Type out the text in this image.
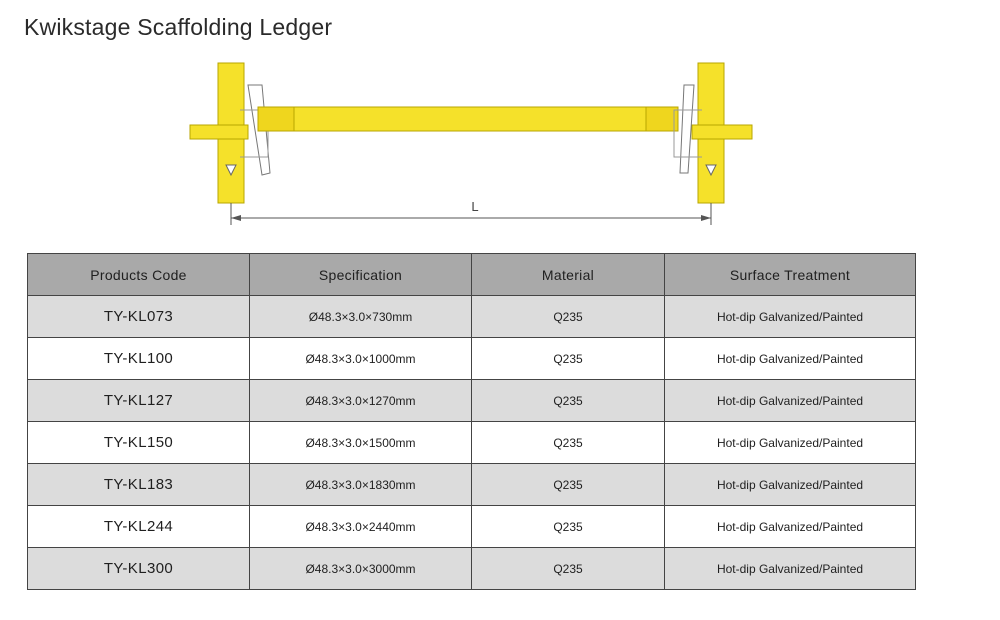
Kwikstage Scaffolding Ledger
L
Products Code	Specification	Material	Surface Treatment
TY-KL073	Ø48.3×3.0×730mm	Q235	Hot-dip Galvanized/Painted
TY-KL100	Ø48.3×3.0×1000mm	Q235	Hot-dip Galvanized/Painted
TY-KL127	Ø48.3×3.0×1270mm	Q235	Hot-dip Galvanized/Painted
TY-KL150	Ø48.3×3.0×1500mm	Q235	Hot-dip Galvanized/Painted
TY-KL183	Ø48.3×3.0×1830mm	Q235	Hot-dip Galvanized/Painted
TY-KL244	Ø48.3×3.0×2440mm	Q235	Hot-dip Galvanized/Painted
TY-KL300	Ø48.3×3.0×3000mm	Q235	Hot-dip Galvanized/Painted
